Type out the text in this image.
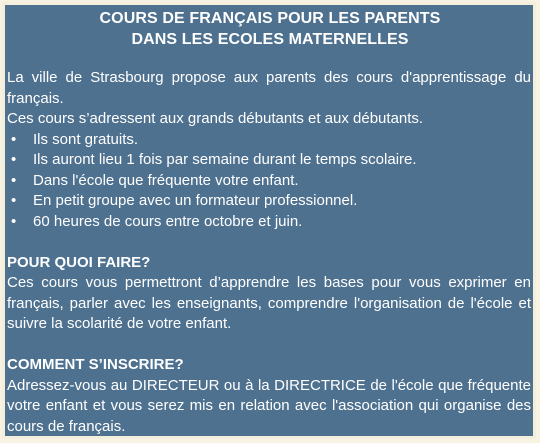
COURS DE FRANÇAIS POUR LES PARENTS
DANS LES ECOLES MATERNELLES

La ville de Strasbourg propose aux parents des cours d'apprentissage du français.

Ces cours s’adressent aux grands débutants et aux débutants.

• Ils sont gratuits.
• Ils auront lieu 1 fois par semaine durant le temps scolaire.
• Dans l'école que fréquente votre enfant.
• En petit groupe avec un formateur professionnel.
• 60 heures de cours entre octobre et juin.

POUR QUOI FAIRE?

Ces cours vous permettront d’apprendre les bases pour vous exprimer en français, parler avec les enseignants, comprendre l'organisation de l'école et suivre la scolarité de votre enfant.

COMMENT S’INSCRIRE?

Adressez-vous au DIRECTEUR ou à la DIRECTRICE de l'école que fréquente votre enfant et vous serez mis en relation avec l'association qui organise des cours de français.
